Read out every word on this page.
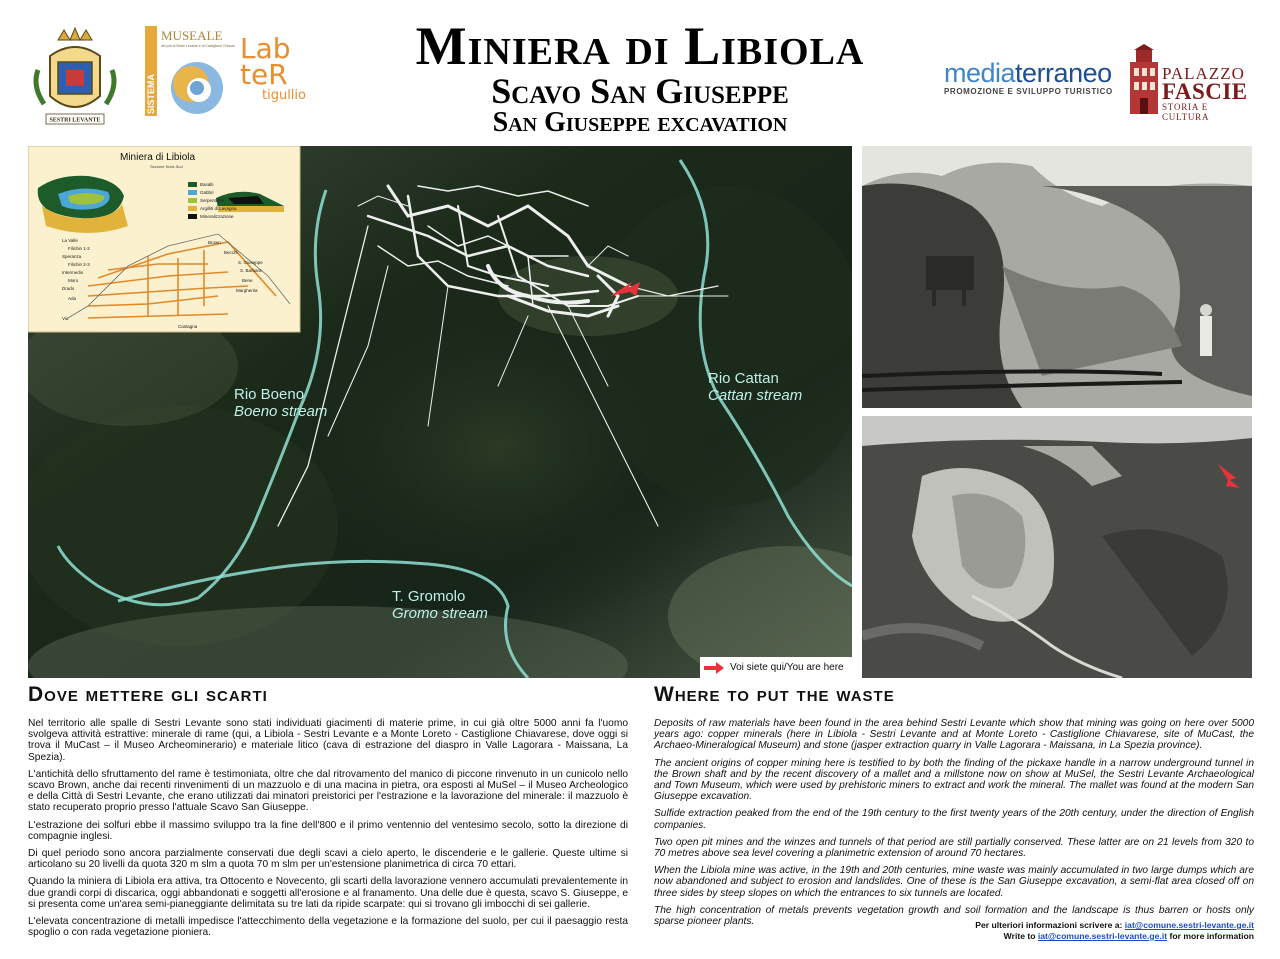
SESTRI LEVANTE
SISTEMA
MUSEALE
dei poli di Sestri Levante e di Castiglione Chiavarese Lab
teR
tigullio
Miniera di Libiola
Scavo San Giuseppe
San Giuseppe excavation
mediaterraneo
PROMOZIONE E SVILUPPO TURISTICO
PALAZZO
FASCIE
STORIA E CULTURA
Miniera di Libiola
Sezione Nord-Sud
Basalti
Gabbri
Serpentinite
Argilliti di Lavagna
Mineralizzazione
Rio Boeno
Boeno stream
Rio Cattan
Cattan stream
T. Gromolo
Gromo stream
Voi siete qui/You are here
La Valle
Filichin 1-2
Speranza
Filichin 2-3
Intermedio
Moro
Drado
Ada
Via
Brown
Becchi
S. Giuseppe
S. Barbara
Bene
Margherita
Castagna
Dove mettere gli scarti

Nel territorio alle spalle di Sestri Levante sono stati individuati giacimenti di materie prime, in cui già oltre 5000 anni fa l'uomo svolgeva attività estrattive: minerale di rame (qui, a Libiola - Sestri Levante e a Monte Loreto - Castiglione Chiavarese, dove oggi si trova il MuCast – il Museo Archeominerario) e materiale litico (cava di estrazione del diaspro in Valle Lagorara - Maissana, La Spezia).

L'antichità dello sfruttamento del rame è testimoniata, oltre che dal ritrovamento del manico di piccone rinvenuto in un cunicolo nello scavo Brown, anche dai recenti rinvenimenti di un mazzuolo e di una macina in pietra, ora esposti al MuSel – il Museo Archeologico e della Città di Sestri Levante, che erano utilizzati dai minatori preistorici per l'estrazione e la lavorazione del minerale: il mazzuolo è stato recuperato proprio presso l'attuale Scavo San Giuseppe.

L'estrazione dei solfuri ebbe il massimo sviluppo tra la fine dell'800 e il primo ventennio del ventesimo secolo, sotto la direzione di compagnie inglesi.

Di quel periodo sono ancora parzialmente conservati due degli scavi a cielo aperto, le discenderie e le gallerie. Queste ultime si articolano su 20 livelli da quota 320 m slm a quota 70 m slm per un'estensione planimetrica di circa 70 ettari.

Quando la miniera di Libiola era attiva, tra Ottocento e Novecento, gli scarti della lavorazione vennero accumulati prevalentemente in due grandi corpi di discarica, oggi abbandonati e soggetti all'erosione e al franamento. Una delle due è questa, scavo S. Giuseppe, e si presenta come un'area semi-pianeggiante delimitata su tre lati da ripide scarpate: qui si trovano gli imbocchi di sei gallerie.

L'elevata concentrazione di metalli impedisce l'attecchimento della vegetazione e la formazione del suolo, per cui il paesaggio resta spoglio o con rada vegetazione pioniera.

Where to put the waste

Deposits of raw materials have been found in the area behind Sestri Levante which show that mining was going on here over 5000 years ago: copper minerals (here in Libiola - Sestri Levante and at Monte Loreto - Castiglione Chiavarese, site of MuCast, the Archaeo-Mineralogical Museum) and stone (jasper extraction quarry in Valle Lagorara - Maissana, in La Spezia province).

The ancient origins of copper mining here is testified to by both the finding of the pickaxe handle in a narrow underground tunnel in the Brown shaft and by the recent discovery of a mallet and a millstone now on show at MuSel, the Sestri Levante Archaeological and Town Museum, which were used by prehistoric miners to extract and work the mineral. The mallet was found at the modern San Giuseppe excavation.

Sulfide extraction peaked from the end of the 19th century to the first twenty years of the 20th century, under the direction of English companies.

Two open pit mines and the winzes and tunnels of that period are still partially conserved. These latter are on 21 levels from 320 to 70 metres above sea level covering a planimetric extension of around 70 hectares.

When the Libiola mine was active, in the 19th and 20th centuries, mine waste was mainly accumulated in two large dumps which are now abandoned and subject to erosion and landslides. One of these is the San Giuseppe excavation, a semi-flat area closed off on three sides by steep slopes on which the entrances to six tunnels are located.

The high concentration of metals prevents vegetation growth and soil formation and the landscape is thus barren or hosts only sparse pioneer plants.	Per ulteriori informazioni scrivere a: iat@comune.sestri-levante.ge.it
Write to iat@comune.sestri-levante.ge.it for more information
